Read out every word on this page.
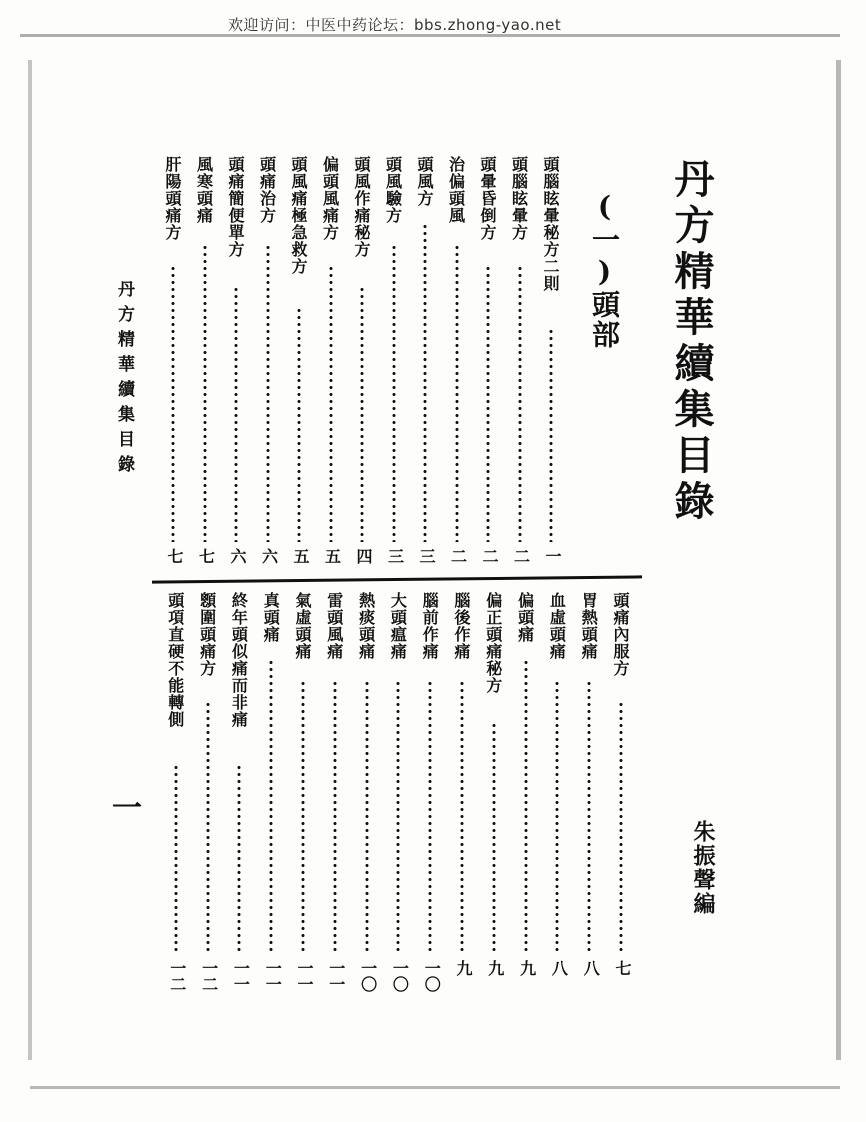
欢迎访问：中医中药论坛：bbs.zhong-yao.net
丹方精華續集目錄
朱振聲編
(一)頭部
丹方精華續集目錄
一
頭腦眩暈秘方二則
一
頭腦眩暈方
二
頭暈昏倒方
二
治偏頭風
二
頭風方
三
頭風驗方
三
頭風作痛秘方
四
偏頭風痛方
五
頭風痛極急救方
五
頭痛治方
六
頭痛簡便單方
六
風寒頭痛
七
肝陽頭痛方
七
頭痛內服方
七
胃熱頭痛
八
血虛頭痛
八
偏頭痛
九
偏正頭痛秘方
九
腦後作痛
九
腦前作痛
一〇
大頭瘟痛
一〇
熱痰頭痛
一〇
雷頭風痛
一一
氣虛頭痛
一一
真頭痛
一一
終年頭似痛而非痛
一一
顖圍頭痛方
一二
頭項直硬不能轉側
一二
